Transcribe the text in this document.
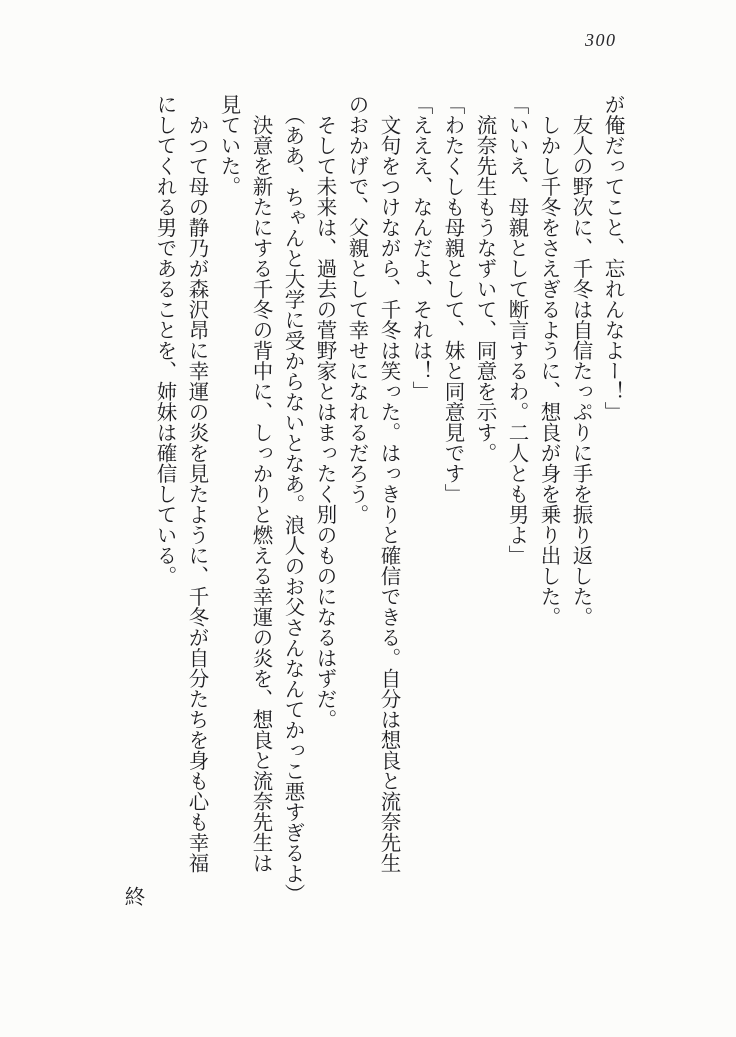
300

が俺だってこと、忘れんなよー！」

　友人の野次に、千冬は自信たっぷりに手を振り返した。

　しかし千冬をさえぎるように、想良が身を乗り出した。

「いいえ、母親として断言するわ。二人とも男よ」

　流奈先生もうなずいて、同意を示す。

「わたくしも母親として、妹と同意見です」

「えええ、なんだよ、それは！」

　文句をつけながら、千冬は笑った。はっきりと確信できる。自分は想良と流奈先生

のおかげで、父親として幸せになれるだろう。

　そして未来は、過去の菅野家とはまったく別のものになるはずだ。

　（ああ、ちゃんと大学に受からないとなあ。浪人のお父さんなんてかっこ悪すぎるよ）

　決意を新たにする千冬の背中に、しっかりと燃える幸運の炎を、想良と流奈先生は

見ていた。

　かつて母の静乃が森沢昂に幸運の炎を見たように、千冬が自分たちを身も心も幸福

にしてくれる男であることを、姉妹は確信している。

終
